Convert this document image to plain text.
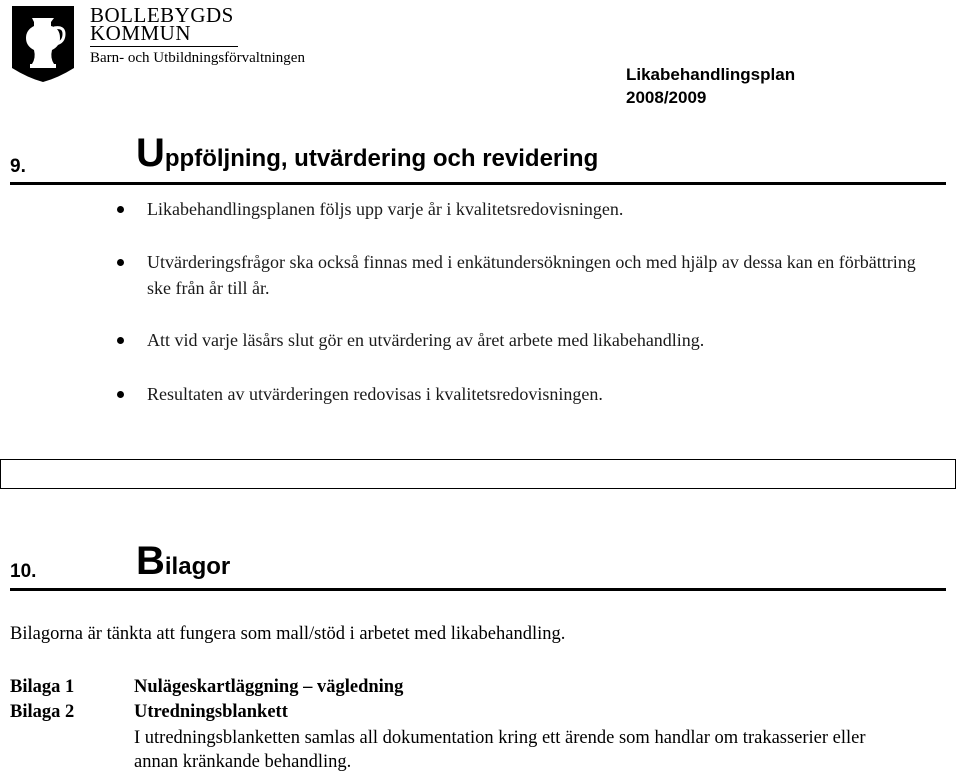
BOLLEBYGDS
KOMMUN
Barn- och Utbildningsförvaltningen
Likabehandlingsplan
2008/2009
9.	Uppföljning, utvärdering och revidering
Likabehandlingsplanen följs upp varje år i kvalitetsredovisningen.
Utvärderingsfrågor ska också finnas med i enkätundersökningen och med hjälp av dessa kan en förbättring ske från år till år.
Att vid varje läsårs slut gör en utvärdering av året arbete med likabehandling.
Resultaten av utvärderingen redovisas i kvalitetsredovisningen.
10. Bilagor
Bilagorna är tänkta att fungera som mall/stöd i arbetet med likabehandling.
Bilaga 1	Nulägeskartläggning – vägledning
Bilaga 2	Utredningsblankett
I utredningsblanketten samlas all dokumentation kring ett ärende som handlar om trakasserier eller annan kränkande behandling.
